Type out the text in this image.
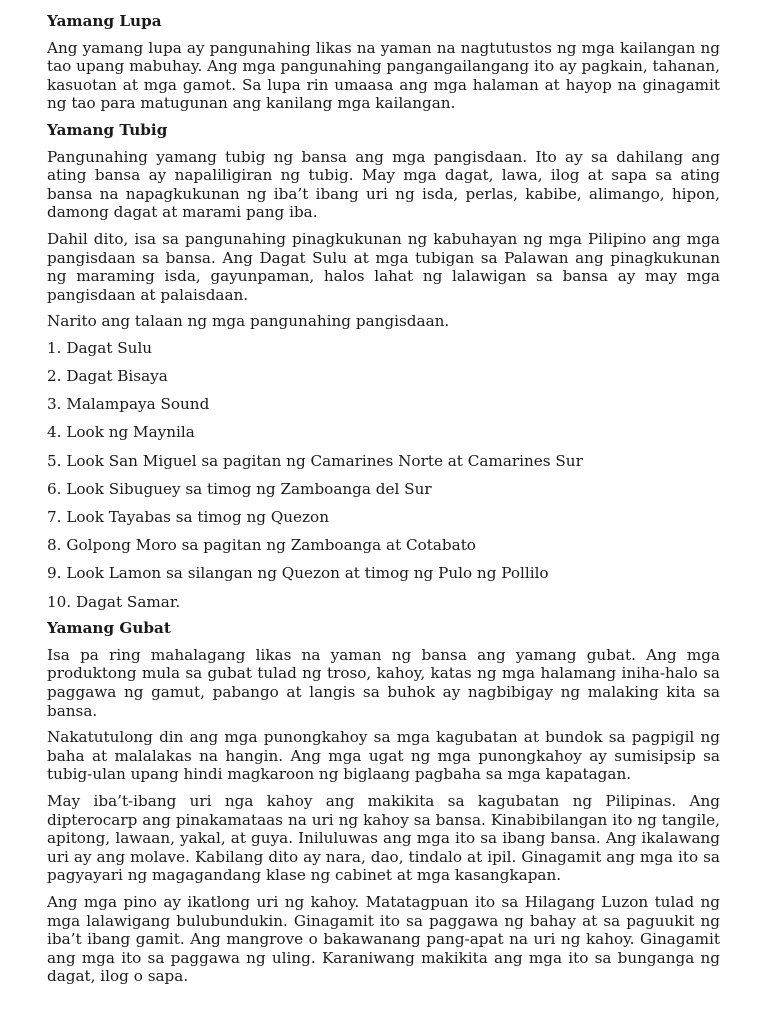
Yamang Lupa

Ang yamang lupa ay pangunahing likas na yaman na nagtutustos ng mga kailangan ng tao upang mabuhay. Ang mga pangunahing pangangailangang ito ay pagkain, tahanan, kasuotan at mga gamot. Sa lupa rin umaasa ang mga halaman at hayop na ginagamit ng tao para matugunan ang kanilang mga kailangan.

Yamang Tubig

Pangunahing yamang tubig ng bansa ang mga pangisdaan. Ito ay sa dahilang ang ating bansa ay napaliligiran ng tubig. May mga dagat, lawa, ilog at sapa sa ating bansa na napagkukunan ng iba’t ibang uri ng isda, perlas, kabibe, alimango, hipon, damong dagat at marami pang iba.

Dahil dito, isa sa pangunahing pinagkukunan ng kabuhayan ng mga Pilipino ang mga pangisdaan sa bansa. Ang Dagat Sulu at mga tubigan sa Palawan ang pinagkukunan ng maraming isda, gayunpaman, halos lahat ng lalawigan sa bansa ay may mga pangisdaan at palaisdaan.

Narito ang talaan ng mga pangunahing pangisdaan.

1. Dagat Sulu
2. Dagat Bisaya
3. Malampaya Sound
4. Look ng Maynila
5. Look San Miguel sa pagitan ng Camarines Norte at Camarines Sur
6. Look Sibuguey sa timog ng Zamboanga del Sur
7. Look Tayabas sa timog ng Quezon
8. Golpong Moro sa pagitan ng Zamboanga at Cotabato
9. Look Lamon sa silangan ng Quezon at timog ng Pulo ng Pollilo
10. Dagat Samar.
Yamang Gubat

Isa pa ring mahalagang likas na yaman ng bansa ang yamang gubat. Ang mga produktong mula sa gubat tulad ng troso, kahoy, katas ng mga halamang iniha-halo sa paggawa ng gamut, pabango at langis sa buhok ay nagbibigay ng malaking kita sa bansa.

Nakatutulong din ang mga punongkahoy sa mga kagubatan at bundok sa pagpigil ng baha at malalakas na hangin. Ang mga ugat ng mga punongkahoy ay sumisipsip sa tubig-ulan upang hindi magkaroon ng biglaang pagbaha sa mga kapatagan.

May iba’t-ibang uri nga kahoy ang makikita sa kagubatan ng Pilipinas. Ang dipterocarp ang pinakamataas na uri ng kahoy sa bansa. Kinabibilangan ito ng tangile, apitong, lawaan, yakal, at guya. Iniluluwas ang mga ito sa ibang bansa. Ang ikalawang uri ay ang molave. Kabilang dito ay nara, dao, tindalo at ipil. Ginagamit ang mga ito sa pagyayari ng magagandang klase ng cabinet at mga kasangkapan.

Ang mga pino ay ikatlong uri ng kahoy. Matatagpuan ito sa Hilagang Luzon tulad ng mga lalawigang bulubundukin. Ginagamit ito sa paggawa ng bahay at sa paguukit ng iba’t ibang gamit. Ang mangrove o bakawanang pang-apat na uri ng kahoy. Ginagamit ang mga ito sa paggawa ng uling. Karaniwang makikita ang mga ito sa bunganga ng dagat, ilog o sapa.
